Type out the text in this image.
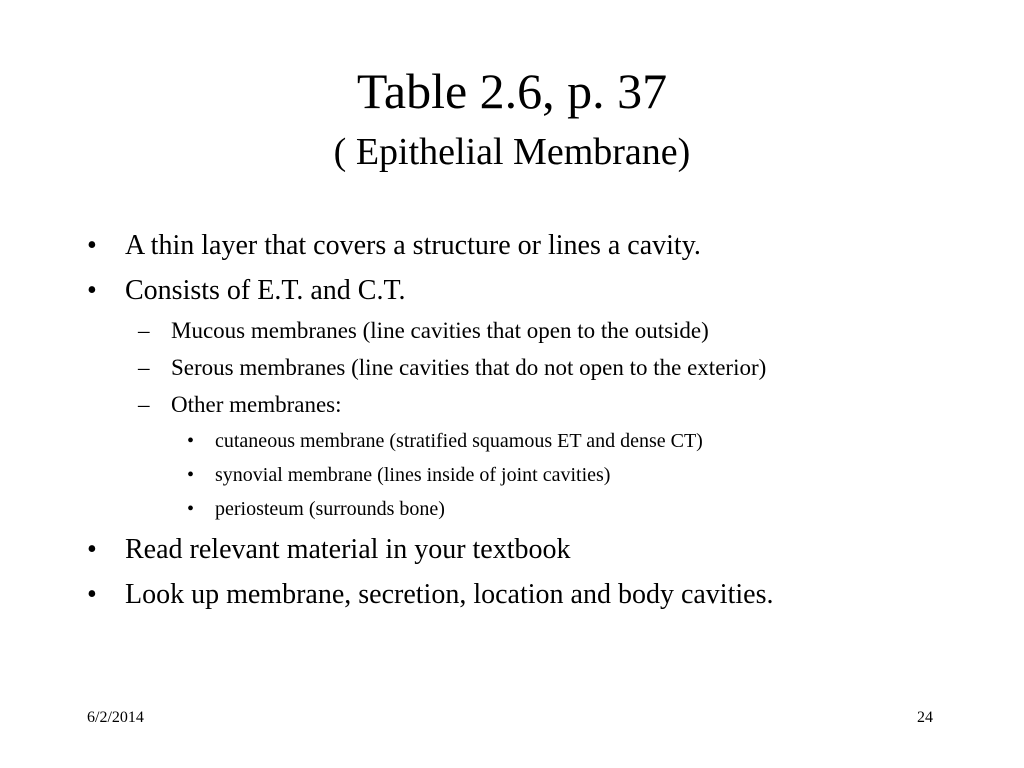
Table 2.6, p. 37
( Epithelial Membrane)
• A thin layer that covers a structure or lines a cavity.
• Consists of E.T. and C.T.
– Mucous membranes (line cavities that open to the outside)
– Serous membranes (line cavities that do not open to the exterior)
– Other membranes:
• cutaneous membrane (stratified squamous ET and dense CT)
• synovial membrane (lines inside of joint cavities)
• periosteum (surrounds bone)
• Read relevant material in your textbook
• Look up membrane, secretion, location and body cavities.
6/2/2014	24
